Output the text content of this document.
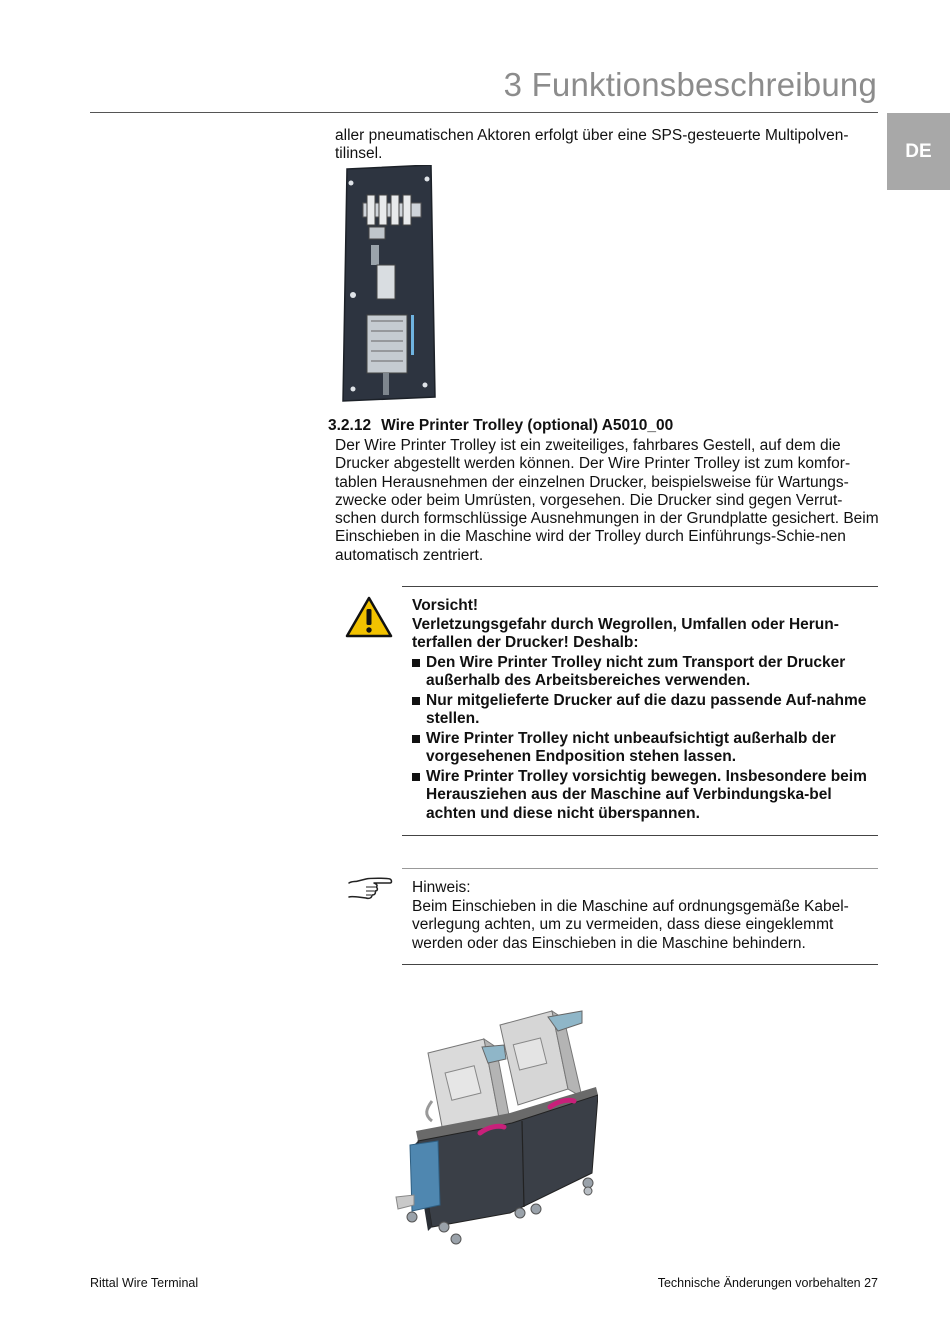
3 Funktionsbeschreibung
DE
aller pneumatischen Aktoren erfolgt über eine SPS-gesteuerte Multipolven-tilinsel.
3.2.12 Wire Printer Trolley (optional) A5010_00
Der Wire Printer Trolley ist ein zweiteiliges, fahrbares Gestell, auf dem die Drucker abgestellt werden können. Der Wire Printer Trolley ist zum komfor-tablen Herausnehmen der einzelnen Drucker, beispielsweise für Wartungs-zwecke oder beim Umrüsten, vorgesehen. Die Drucker sind gegen Verrut-schen durch formschlüssige Ausnehmungen in der Grundplatte gesichert. Beim Einschieben in die Maschine wird der Trolley durch Einführungs-Schie-nen automatisch zentriert.
Vorsicht!
Verletzungsgefahr durch Wegrollen, Umfallen oder Herun-terfallen der Drucker! Deshalb:
Den Wire Printer Trolley nicht zum Transport der Drucker außerhalb des Arbeitsbereiches verwenden.
Nur mitgelieferte Drucker auf die dazu passende Auf-nahme stellen.
Wire Printer Trolley nicht unbeaufsichtigt außerhalb der vorgesehenen Endposition stehen lassen.
Wire Printer Trolley vorsichtig bewegen. Insbesondere beim Herausziehen aus der Maschine auf Verbindungska-bel achten und diese nicht überspannen.
Hinweis:
Beim Einschieben in die Maschine auf ordnungsgemäße Kabel-verlegung achten, um zu vermeiden, dass diese eingeklemmt werden oder das Einschieben in die Maschine behindern.
Rittal Wire Terminal	Technische Änderungen vorbehalten 27
